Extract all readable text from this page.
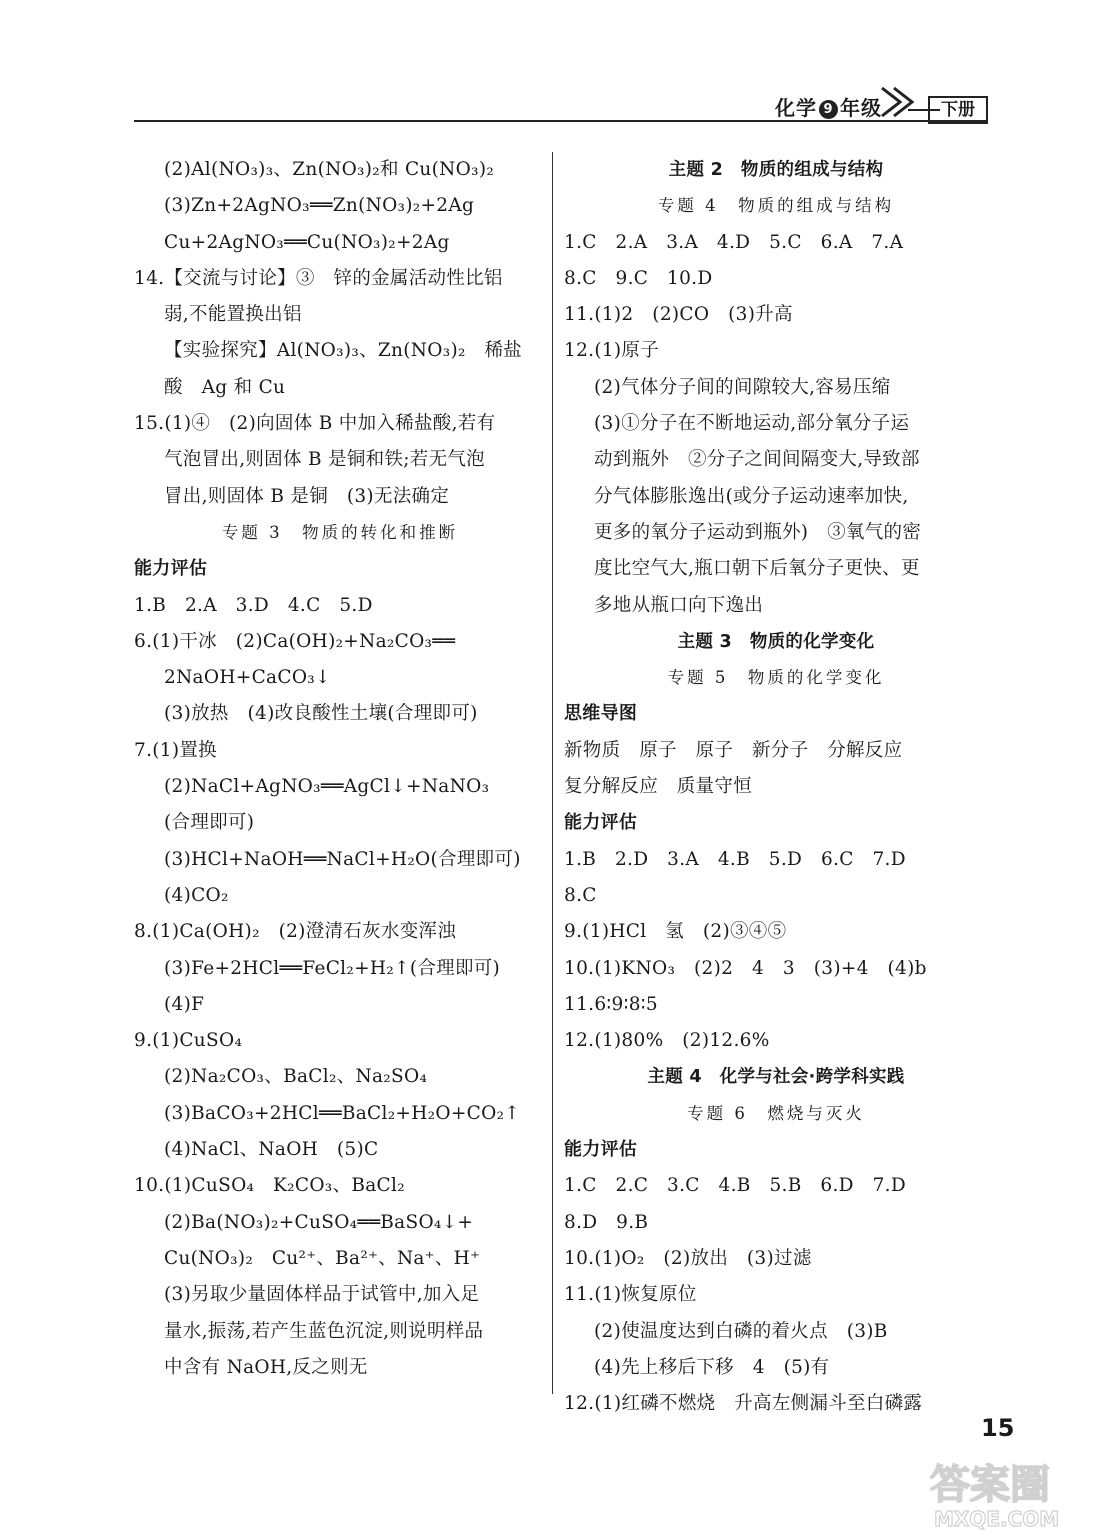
化学 9 年级	下册
(2)Al(NO₃)₃、Zn(NO₃)₂和 Cu(NO₃)₂
(3)Zn+2AgNO₃══Zn(NO₃)₂+2Ag
Cu+2AgNO₃══Cu(NO₃)₂+2Ag
14.【交流与讨论】③　锌的金属活动性比铝
弱,不能置换出铝
【实验探究】Al(NO₃)₃、Zn(NO₃)₂　稀盐
酸　Ag 和 Cu
15.(1)④　(2)向固体 B 中加入稀盐酸,若有
气泡冒出,则固体 B 是铜和铁;若无气泡
冒出,则固体 B 是铜　(3)无法确定
专题 3　物质的转化和推断
能力评估
1.B　2.A　3.D　4.C　5.D
6.(1)干冰　(2)Ca(OH)₂+Na₂CO₃══
2NaOH+CaCO₃↓
(3)放热　(4)改良酸性土壤(合理即可)
7.(1)置换
(2)NaCl+AgNO₃══AgCl↓+NaNO₃
(合理即可)
(3)HCl+NaOH══NaCl+H₂O(合理即可)
(4)CO₂
8.(1)Ca(OH)₂　(2)澄清石灰水变浑浊
(3)Fe+2HCl══FeCl₂+H₂↑(合理即可)
(4)F
9.(1)CuSO₄
(2)Na₂CO₃、BaCl₂、Na₂SO₄
(3)BaCO₃+2HCl══BaCl₂+H₂O+CO₂↑
(4)NaCl、NaOH　(5)C
10.(1)CuSO₄　K₂CO₃、BaCl₂
(2)Ba(NO₃)₂+CuSO₄══BaSO₄↓+
Cu(NO₃)₂　Cu²⁺、Ba²⁺、Na⁺、H⁺
(3)另取少量固体样品于试管中,加入足
量水,振荡,若产生蓝色沉淀,则说明样品
中含有 NaOH,反之则无
主题 2　物质的组成与结构
专题 4　物质的组成与结构
1.C　2.A　3.A　4.D　5.C　6.A　7.A
8.C　9.C　10.D
11.(1)2　(2)CO　(3)升高
12.(1)原子
(2)气体分子间的间隙较大,容易压缩
(3)①分子在不断地运动,部分氧分子运
动到瓶外　②分子之间间隔变大,导致部
分气体膨胀逸出(或分子运动速率加快,
更多的氧分子运动到瓶外)　③氧气的密
度比空气大,瓶口朝下后氧分子更快、更
多地从瓶口向下逸出
主题 3　物质的化学变化
专题 5　物质的化学变化
思维导图
新物质　原子　原子　新分子　分解反应
复分解反应　质量守恒
能力评估
1.B　2.D　3.A　4.B　5.D　6.C　7.D
8.C
9.(1)HCl　氢　(2)③④⑤
10.(1)KNO₃　(2)2　4　3　(3)+4　(4)b
11.6∶9∶8∶5
12.(1)80%　(2)12.6%
主题 4　化学与社会·跨学科实践
专题 6　燃烧与灭火
能力评估
1.C　2.C　3.C　4.B　5.B　6.D　7.D
8.D　9.B
10.(1)O₂　(2)放出　(3)过滤
11.(1)恢复原位
(2)使温度达到白磷的着火点　(3)B
(4)先上移后下移　4　(5)有
12.(1)红磷不燃烧　升高左侧漏斗至白磷露
15
答案圈
MXQE.COM
